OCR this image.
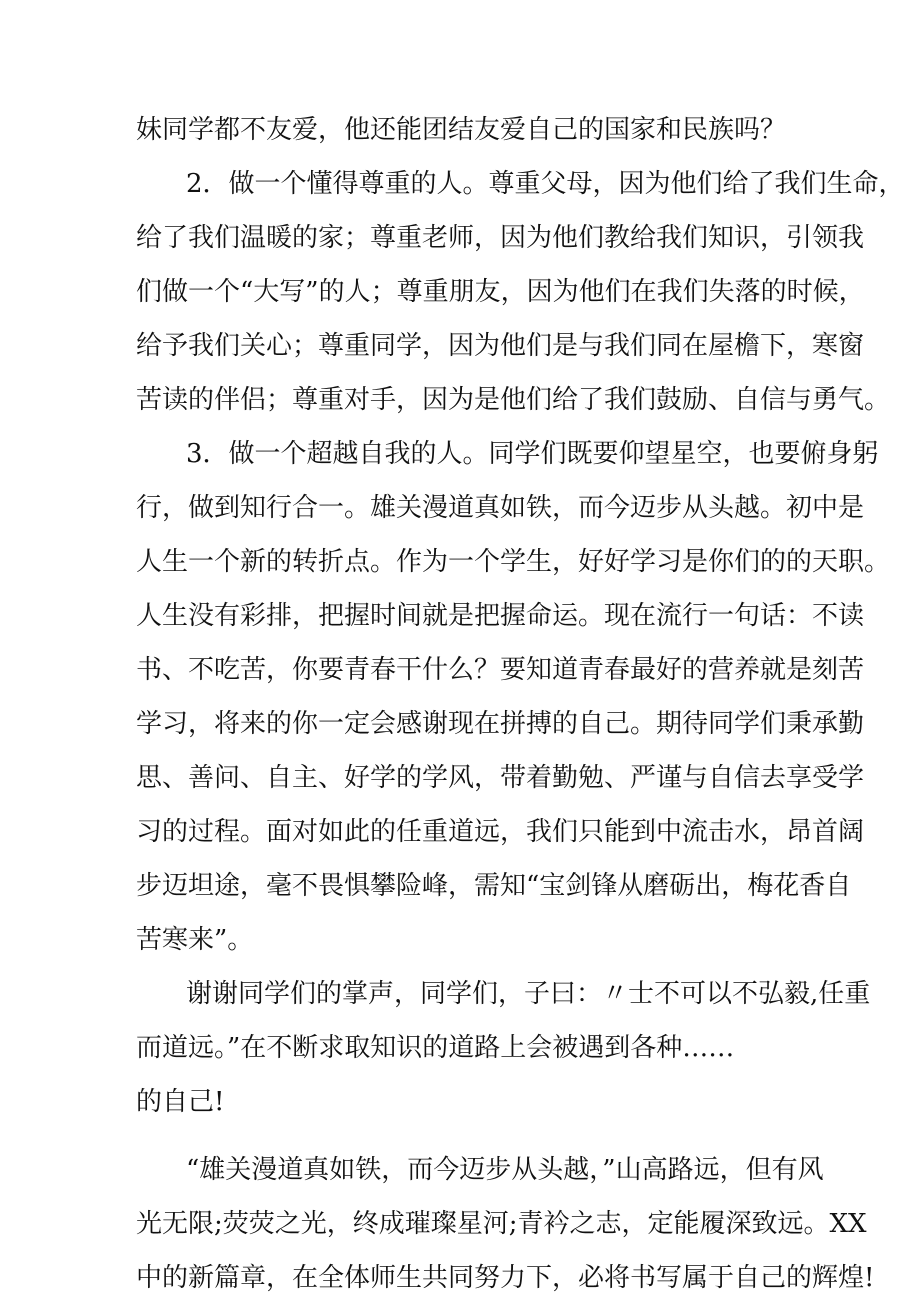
妹同学都不友爱，他还能团结友爱自己的国家和民族吗？
2．做一个懂得尊重的人。尊重父母，因为他们给了我们生命，
给了我们温暖的家；尊重老师，因为他们教给我们知识，引领我
们做一个“大写”的人；尊重朋友，因为他们在我们失落的时候，
给予我们关心；尊重同学，因为他们是与我们同在屋檐下，寒窗
苦读的伴侣；尊重对手，因为是他们给了我们鼓励、自信与勇气。
3．做一个超越自我的人。同学们既要仰望星空，也要俯身躬
行，做到知行合一。雄关漫道真如铁，而今迈步从头越。初中是
人生一个新的转折点。作为一个学生，好好学习是你们的的天职。
人生没有彩排，把握时间就是把握命运。现在流行一句话：不读
书、不吃苦，你要青春干什么？要知道青春最好的营养就是刻苦
学习，将来的你一定会感谢现在拼搏的自己。期待同学们秉承勤
思、善问、自主、好学的学风，带着勤勉、严谨与自信去享受学
习的过程。面对如此的任重道远，我们只能到中流击水，昂首阔
步迈坦途，毫不畏惧攀险峰，需知“宝剑锋从磨砺出，梅花香自
苦寒来”。
谢谢同学们的掌声，同学们，子曰：〃士不可以不弘毅,任重
而道远。”在不断求取知识的道路上会被遇到各种……
的自己!
“雄关漫道真如铁，而今迈步从头越，”山高路远，但有风
光无限;荧荧之光，终成璀璨星河;青衿之志，定能履深致远。XX
中的新篇章，在全体师生共同努力下，必将书写属于自己的辉煌!
